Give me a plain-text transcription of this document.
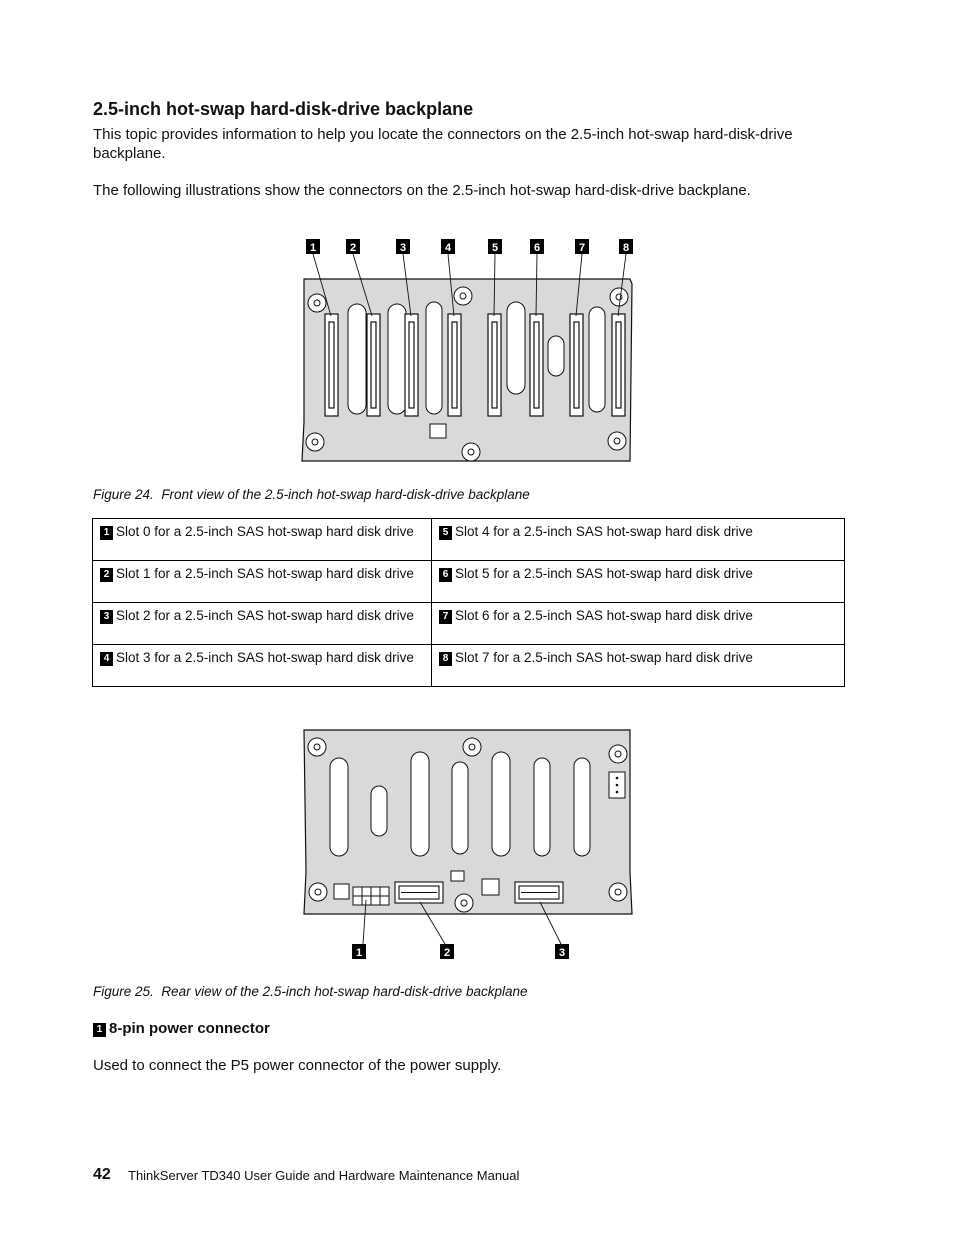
2.5-inch hot-swap hard-disk-drive backplane

This topic provides information to help you locate the connectors on the 2.5-inch hot-swap hard-disk-drive backplane.

The following illustrations show the connectors on the 2.5-inch hot-swap hard-disk-drive backplane.

1	2	3	4	5	6	7	8
Figure 24. Front view of the 2.5-inch hot-swap hard-disk-drive backplane
1 Slot 0 for a 2.5-inch SAS hot-swap hard disk drive	5 Slot 4 for a 2.5-inch SAS hot-swap hard disk drive
2 Slot 1 for a 2.5-inch SAS hot-swap hard disk drive	6 Slot 5 for a 2.5-inch SAS hot-swap hard disk drive
3 Slot 2 for a 2.5-inch SAS hot-swap hard disk drive	7 Slot 6 for a 2.5-inch SAS hot-swap hard disk drive
4 Slot 3 for a 2.5-inch SAS hot-swap hard disk drive	8 Slot 7 for a 2.5-inch SAS hot-swap hard disk drive
1	2	3
Figure 25. Rear view of the 2.5-inch hot-swap hard-disk-drive backplane
1 8-pin power connector

Used to connect the P5 power connector of the power supply.

42 ThinkServer TD340 User Guide and Hardware Maintenance Manual
